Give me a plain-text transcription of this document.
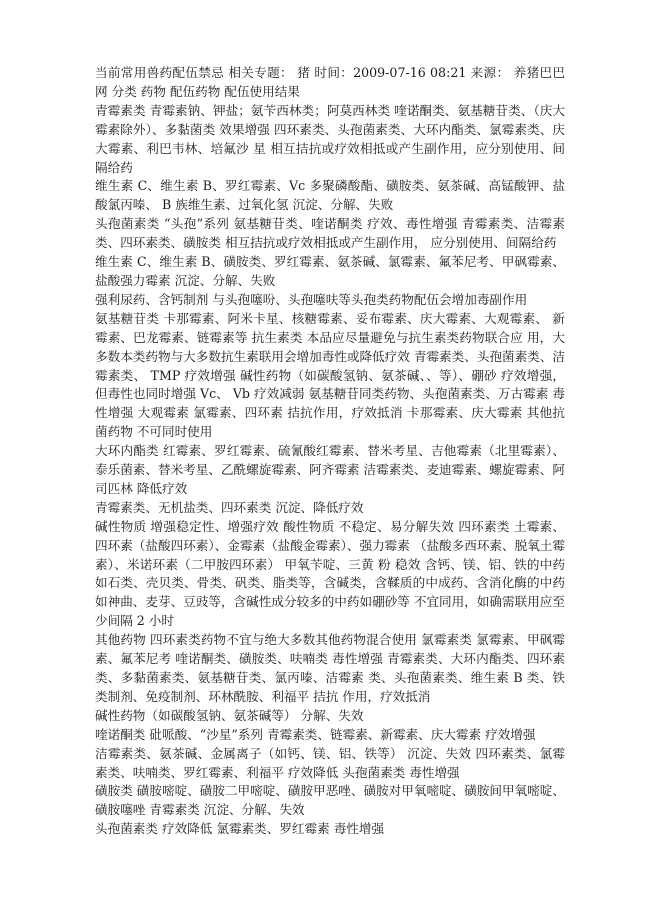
当前常用兽药配伍禁忌 相关专题： 猪 时间：2009-07-16 08:21 来源： 养猪巴巴网 分类 药物 配伍药物 配伍使用结果

青霉素类 青霉素钠、钾盐；氨苄西林类；阿莫西林类 喹诺酮类、氨基糖苷类、（庆大霉素除外）、多黏菌类 效果增强 四环素类、头孢菌素类、大环内酯类、氯霉素类、庆大霉素、利巴韦林、培氟沙 星 相互拮抗或疗效相抵或产生副作用，应分别使用、间隔给药

维生素 C、维生素 B、罗红霉素、Vc 多聚磷酸酯、磺胺类、氨茶碱、高锰酸钾、盐酸氯丙嗪、 B 族维生素、过氧化氢 沉淀、分解、失败

头孢菌素类 “头孢”系列 氨基糖苷类、喹诺酮类 疗效、毒性增强 青霉素类、洁霉素类、四环素类、磺胺类 相互拮抗或疗效相抵或产生副作用， 应分别使用、间隔给药

维生素 C、维生素 B、磺胺类、罗红霉素、氨茶碱、氯霉素、氟苯尼考、甲砜霉素、盐酸强力霉素 沉淀、分解、失败

强利尿药、含钙制剂 与头孢噻吩、头孢噻呋等头孢类药物配伍会增加毒副作用

氨基糖苷类 卡那霉素、阿米卡星、核糖霉素、妥布霉素、庆大霉素、大观霉素、 新霉素、巴龙霉素、链霉素等 抗生素类 本品应尽量避免与抗生素类药物联合应 用，大多数本类药物与大多数抗生素联用会增加毒性或降低疗效 青霉素类、头孢菌素类、洁霉素类、 TMP 疗效增强 碱性药物（如碳酸氢钠、氨茶碱、、等）、硼砂 疗效增强，但毒性也同时增强 Vc、 Vb 疗效减弱 氨基糖苷同类药物、头孢菌素类、万古霉素 毒性增强 大观霉素 氯霉素、四环素 拮抗作用，疗效抵消 卡那霉素、庆大霉素 其他抗菌药物 不可同时使用

大环内酯类 红霉素、罗红霉素、硫氰酸红霉素、替米考星、吉他霉素（北里霉素）、泰乐菌素、替米考星、乙酰螺旋霉素、阿齐霉素 洁霉素类、麦迪霉素、螺旋霉素、阿司匹林 降低疗效

青霉素类、无机盐类、四环素类 沉淀、降低疗效

碱性物质 增强稳定性、增强疗效 酸性物质 不稳定、易分解失效 四环素类 土霉素、四环素（盐酸四环素）、金霉素（盐酸金霉素）、强力霉素 （盐酸多西环素、脱氧土霉素）、米诺环素（二甲胺四环素） 甲氧苄啶、三黄 粉 稳效 含钙、镁、铝、铁的中药如石类、壳贝类、骨类、矾类、脂类等，含碱类，含鞣质的中成药、含消化酶的中药如神曲、麦芽、豆豉等，含碱性成分较多的中药如硼砂等 不宜同用，如确需联用应至少间隔 2 小时

其他药物 四环素类药物不宜与绝大多数其他药物混合使用 氯霉素类 氯霉素、甲砜霉素、氟苯尼考 喹诺酮类、磺胺类、呋喃类 毒性增强 青霉素类、大环内酯类、四环素类、多黏菌素类、氨基糖苷类、氯丙嗪、洁霉素 类、头孢菌素类、维生素 B 类、铁类制剂、免疫制剂、环林酰胺、利福平 拮抗 作用，疗效抵消

碱性药物（如碳酸氢钠、氨茶碱等） 分解、失效

喹诺酮类 砒哌酸、“沙星”系列 青霉素类、链霉素、新霉素、庆大霉素 疗效增强

洁霉素类、氨茶碱、金属离子（如钙、镁、铝、铁等） 沉淀、失效 四环素类、氯霉素类、呋喃类、罗红霉素、利福平 疗效降低 头孢菌素类 毒性增强

磺胺类 磺胺嘧啶、磺胺二甲嘧啶、磺胺甲恶唑、磺胺对甲氧嘧啶、磺胺间甲氧嘧啶、磺胺噻唑 青霉素类 沉淀、分解、失效

头孢菌素类 疗效降低 氯霉素类、罗红霉素 毒性增强
